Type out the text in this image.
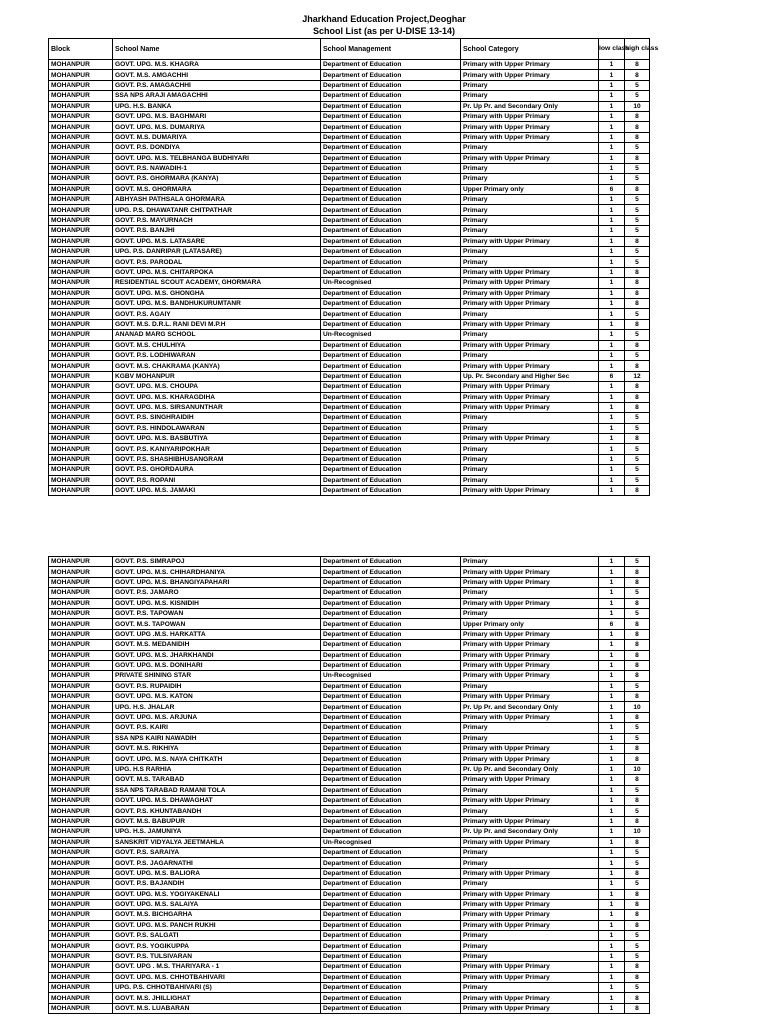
Jharkhand Education Project,Deoghar
School List (as per U-DISE 13-14)
Block	School Name	School Management	School Category	low class	high class
MOHANPUR	GOVT. UPG. M.S. KHAGRA	Department of Education	Primary with Upper Primary	1	8
MOHANPUR	GOVT. M.S. AMGACHHI	Department of Education	Primary with Upper Primary	1	8
MOHANPUR	GOVT. P.S. AMAGACHHI	Department of Education	Primary	1	5
MOHANPUR	SSA NPS ARAJI AMAGACHHI	Department of Education	Primary	1	5
MOHANPUR	UPG. H.S. BANKA	Department of Education	Pr. Up Pr. and Secondary Only	1	10
MOHANPUR	GOVT. UPG. M.S. BAGHMARI	Department of Education	Primary with Upper Primary	1	8
MOHANPUR	GOVT. UPG. M.S. DUMARIYA	Department of Education	Primary with Upper Primary	1	8
MOHANPUR	GOVT. M.S. DUMARIYA	Department of Education	Primary with Upper Primary	1	8
MOHANPUR	GOVT. P.S. DONDIYA	Department of Education	Primary	1	5
MOHANPUR	GOVT. UPG. M.S. TELBHANGA BUDHIYARI	Department of Education	Primary with Upper Primary	1	8
MOHANPUR	GOVT. P.S. NAWADIH-1	Department of Education	Primary	1	5
MOHANPUR	GOVT. P.S. GHORMARA (KANYA)	Department of Education	Primary	1	5
MOHANPUR	GOVT. M.S. GHORMARA	Department of Education	Upper Primary only	6	8
MOHANPUR	ABHYASH PATHSALA GHORMARA	Department of Education	Primary	1	5
MOHANPUR	UPG. P.S. DHAWATANR CHITPATHAR	Department of Education	Primary	1	5
MOHANPUR	GOVT. P.S. MAYURNACH	Department of Education	Primary	1	5
MOHANPUR	GOVT. P.S. BANJHI	Department of Education	Primary	1	5
MOHANPUR	GOVT. UPG. M.S. LATASARE	Department of Education	Primary with Upper Primary	1	8
MOHANPUR	UPG. P.S. DANRIPAR (LATASARE)	Department of Education	Primary	1	5
MOHANPUR	GOVT. P.S. PARODAL	Department of Education	Primary	1	5
MOHANPUR	GOVT. UPG. M.S. CHITARPOKA	Department of Education	Primary with Upper Primary	1	8
MOHANPUR	RESIDENTIAL SCOUT ACADEMY, GHORMARA	Un-Recognised	Primary with Upper Primary	1	8
MOHANPUR	GOVT. UPG. M.S. GHONGHA	Department of Education	Primary with Upper Primary	1	8
MOHANPUR	GOVT. UPG. M.S. BANDHUKURUMTANR	Department of Education	Primary with Upper Primary	1	8
MOHANPUR	GOVT. P.S. AGAIY	Department of Education	Primary	1	5
MOHANPUR	GOVT. M.S. D.R.L. RANI DEVI M.P.H	Department of Education	Primary with Upper Primary	1	8
MOHANPUR	ANANAD MARG SCHOOL	Un-Recognised	Primary	1	5
MOHANPUR	GOVT. M.S. CHULHIYA	Department of Education	Primary with Upper Primary	1	8
MOHANPUR	GOVT. P.S. LODHIWARAN	Department of Education	Primary	1	5
MOHANPUR	GOVT. M.S. CHAKRAMA (KANYA)	Department of Education	Primary with Upper Primary	1	8
MOHANPUR	KGBV MOHANPUR	Department of Education	Up. Pr. Secondary and Higher Sec	6	12
MOHANPUR	GOVT. UPG. M.S. CHOUPA	Department of Education	Primary with Upper Primary	1	8
MOHANPUR	GOVT. UPG. M.S. KHARAGDIHA	Department of Education	Primary with Upper Primary	1	8
MOHANPUR	GOVT. UPG. M.S. SIRSANUNTHAR	Department of Education	Primary with Upper Primary	1	8
MOHANPUR	GOVT. P.S. SINGHRAIDIH	Department of Education	Primary	1	5
MOHANPUR	GOVT. P.S. HINDOLAWARAN	Department of Education	Primary	1	5
MOHANPUR	GOVT. UPG. M.S. BASBUTIYA	Department of Education	Primary with Upper Primary	1	8
MOHANPUR	GOVT. P.S. KANIYARIPOKHAR	Department of Education	Primary	1	5
MOHANPUR	GOVT. P.S. SHASHIBHUSANGRAM	Department of Education	Primary	1	5
MOHANPUR	GOVT. P.S. GHORDAURA	Department of Education	Primary	1	5
MOHANPUR	GOVT. P.S. ROPANI	Department of Education	Primary	1	5
MOHANPUR	GOVT. UPG. M.S. JAMAKI	Department of Education	Primary with Upper Primary	1	8
MOHANPUR	GOVT. P.S. SIMRAPOJ	Department of Education	Primary	1	5
MOHANPUR	GOVT. UPG. M.S. CHIHARDHANIYA	Department of Education	Primary with Upper Primary	1	8
MOHANPUR	GOVT. UPG. M.S. BHANGIYAPAHARI	Department of Education	Primary with Upper Primary	1	8
MOHANPUR	GOVT. P.S. JAMARO	Department of Education	Primary	1	5
MOHANPUR	GOVT. UPG. M.S. KISNIDIH	Department of Education	Primary with Upper Primary	1	8
MOHANPUR	GOVT. P.S. TAPOWAN	Department of Education	Primary	1	5
MOHANPUR	GOVT. M.S. TAPOWAN	Department of Education	Upper Primary only	6	8
MOHANPUR	GOVT. UPG .M.S. HARKATTA	Department of Education	Primary with Upper Primary	1	8
MOHANPUR	GOVT. M.S. MEDANIDIH	Department of Education	Primary with Upper Primary	1	8
MOHANPUR	GOVT. UPG. M.S. JHARKHANDI	Department of Education	Primary with Upper Primary	1	8
MOHANPUR	GOVT. UPG. M.S. DONIHARI	Department of Education	Primary with Upper Primary	1	8
MOHANPUR	PRIVATE SHINING STAR	Un-Recognised	Primary with Upper Primary	1	8
MOHANPUR	GOVT. P.S. RUPAIDIH	Department of Education	Primary	1	5
MOHANPUR	GOVT. UPG. M.S. KATON	Department of Education	Primary with Upper Primary	1	8
MOHANPUR	UPG. H.S. JHALAR	Department of Education	Pr. Up Pr. and Secondary Only	1	10
MOHANPUR	GOVT. UPG. M.S. ARJUNA	Department of Education	Primary with Upper Primary	1	8
MOHANPUR	GOVT. P.S. KAIRI	Department of Education	Primary	1	5
MOHANPUR	SSA NPS KAIRI NAWADIH	Department of Education	Primary	1	5
MOHANPUR	GOVT. M.S. RIKHIYA	Department of Education	Primary with Upper Primary	1	8
MOHANPUR	GOVT. UPG. M.S. NAYA CHITKATH	Department of Education	Primary with Upper Primary	1	8
MOHANPUR	UPG. H.S RARHIA	Department of Education	Pr. Up Pr. and Secondary Only	1	10
MOHANPUR	GOVT. M.S. TARABAD	Department of Education	Primary with Upper Primary	1	8
MOHANPUR	SSA NPS TARABAD RAMANI TOLA	Department of Education	Primary	1	5
MOHANPUR	GOVT. UPG. M.S. DHAWAGHAT	Department of Education	Primary with Upper Primary	1	8
MOHANPUR	GOVT. P.S. KHUNTABANDH	Department of Education	Primary	1	5
MOHANPUR	GOVT. M.S. BABUPUR	Department of Education	Primary with Upper Primary	1	8
MOHANPUR	UPG. H.S. JAMUNIYA	Department of Education	Pr. Up Pr. and Secondary Only	1	10
MOHANPUR	SANSKRIT VIDYALYA JEETMAHLA	Un-Recognised	Primary with Upper Primary	1	8
MOHANPUR	GOVT. P.S. SARAIYA	Department of Education	Primary	1	5
MOHANPUR	GOVT. P.S. JAGARNATHI	Department of Education	Primary	1	5
MOHANPUR	GOVT. UPG. M.S. BALIORA	Department of Education	Primary with Upper Primary	1	8
MOHANPUR	GOVT. P.S. BAJANDIH	Department of Education	Primary	1	5
MOHANPUR	GOVT. UPG. M.S. YOGIYAKENALI	Department of Education	Primary with Upper Primary	1	8
MOHANPUR	GOVT. UPG. M.S. SALAIYA	Department of Education	Primary with Upper Primary	1	8
MOHANPUR	GOVT. M.S. BICHGARHA	Department of Education	Primary with Upper Primary	1	8
MOHANPUR	GOVT. UPG. M.S. PANCH RUKHI	Department of Education	Primary with Upper Primary	1	8
MOHANPUR	GOVT. P.S. SALGATI	Department of Education	Primary	1	5
MOHANPUR	GOVT. P.S. YOGIKUPPA	Department of Education	Primary	1	5
MOHANPUR	GOVT. P.S. TULSIVARAN	Department of Education	Primary	1	5
MOHANPUR	GOVT. UPG . M.S. THARIYARA - 1	Department of Education	Primary with Upper Primary	1	8
MOHANPUR	GOVT. UPG. M.S. CHHOTBAHIVARI	Department of Education	Primary with Upper Primary	1	8
MOHANPUR	UPG. P.S. CHHOTBAHIVARI (S)	Department of Education	Primary	1	5
MOHANPUR	GOVT. M.S. JHILLIGHAT	Department of Education	Primary with Upper Primary	1	8
MOHANPUR	GOVT. M.S. LUABARAN	Department of Education	Primary with Upper Primary	1	8
